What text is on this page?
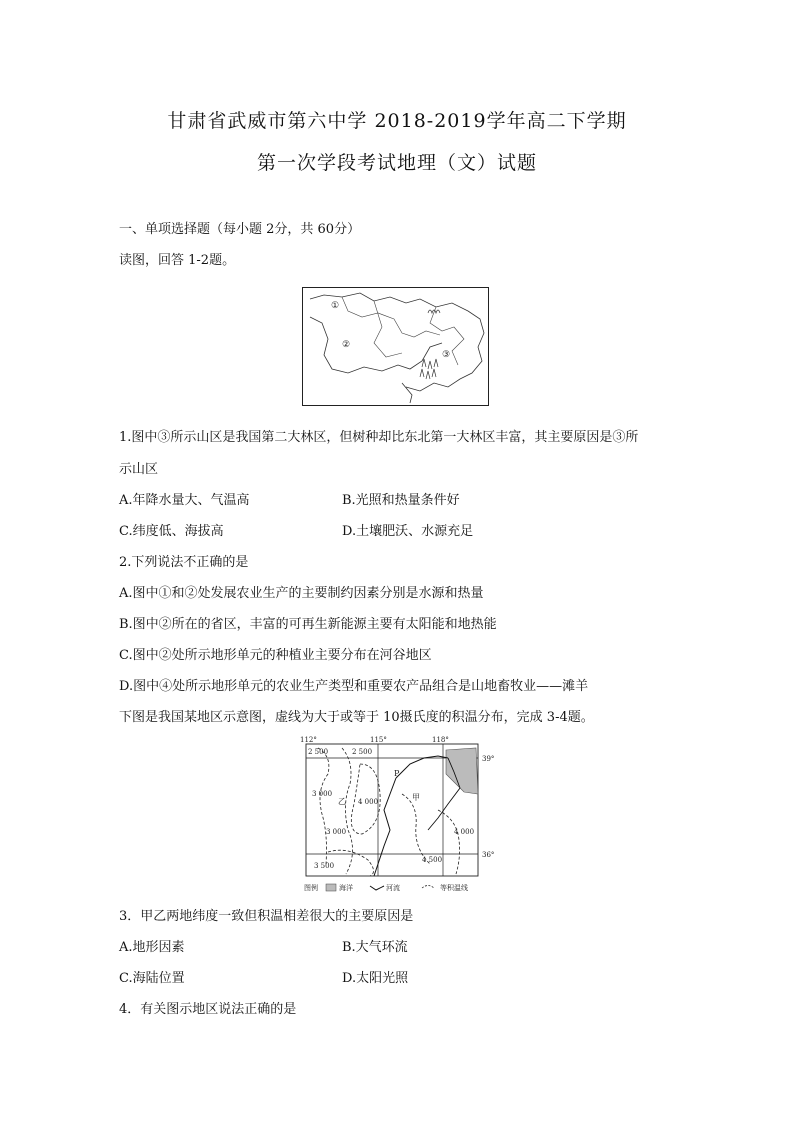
甘肃省武威市第六中学 2018-2019学年高二下学期
第一次学段考试地理（文）试题
一、单项选择题（每小题 2分，共 60分）
读图，回答 1-2题。
①
②
③
1.图中③所示山区是我国第二大林区，但树种却比东北第一大林区丰富，其主要原因是③所
示山区
A.年降水量大、气温高	B.光照和热量条件好
C.纬度低、海拔高	D.土壤肥沃、水源充足
2.下列说法不正确的是
A.图中①和②处发展农业生产的主要制约因素分别是水源和热量
B.图中②所在的省区，丰富的可再生新能源主要有太阳能和地热能
C.图中②处所示地形单元的种植业主要分布在河谷地区
D.图中④处所示地形单元的农业生产类型和重要农产品组合是山地畜牧业——滩羊
下图是我国某地区示意图，虚线为大于或等于 10摄氏度的积温分布，完成 3-4题。
112°	115°	118°
39°
36°
2 500	2 500
3 000
4 000
3 000
3 500
4 000
4 500
P
乙	甲
图例	海洋	河流	等积温线
3．甲乙两地纬度一致但积温相差很大的主要原因是
A.地形因素	B.大气环流
C.海陆位置	D.太阳光照
4．有关图示地区说法正确的是
